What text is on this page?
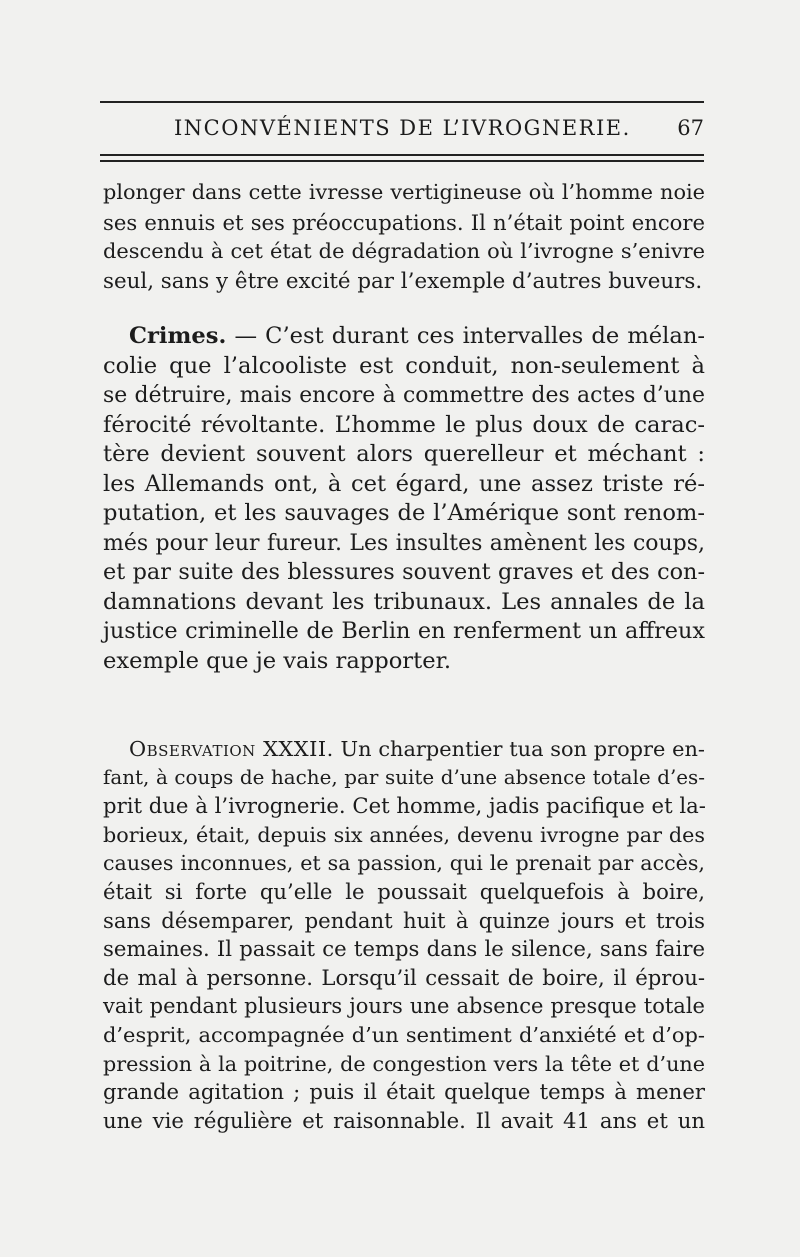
INCONVÉNIENTS DE L’IVROGNERIE. 67
plonger dans cette ivresse vertigineuse où l’homme noie
ses ennuis et ses préoccupations. Il n’était point encore
descendu à cet état de dégradation où l’ivrogne s’enivre
seul, sans y être excité par l’exemple d’autres buveurs.
Crimes. — C’est durant ces intervalles de mélan-
colie que l’alcooliste est conduit, non-seulement à
se détruire, mais encore à commettre des actes d’une
férocité révoltante. L’homme le plus doux de carac-
tère devient souvent alors querelleur et méchant :
les Allemands ont, à cet égard, une assez triste ré-
putation, et les sauvages de l’Amérique sont renom-
més pour leur fureur. Les insultes amènent les coups,
et par suite des blessures souvent graves et des con-
damnations devant les tribunaux. Les annales de la
justice criminelle de Berlin en renferment un affreux
exemple que je vais rapporter.
Observation XXXII. Un charpentier tua son propre en-
fant, à coups de hache, par suite d’une absence totale d’es-
prit due à l’ivrognerie. Cet homme, jadis pacifique et la-
borieux, était, depuis six années, devenu ivrogne par des
causes inconnues, et sa passion, qui le prenait par accès,
était si forte qu’elle le poussait quelquefois à boire,
sans désemparer, pendant huit à quinze jours et trois
semaines. Il passait ce temps dans le silence, sans faire
de mal à personne. Lorsqu’il cessait de boire, il éprou-
vait pendant plusieurs jours une absence presque totale
d’esprit, accompagnée d’un sentiment d’anxiété et d’op-
pression à la poitrine, de congestion vers la tête et d’une
grande agitation ; puis il était quelque temps à mener
une vie régulière et raisonnable. Il avait 41 ans et un
